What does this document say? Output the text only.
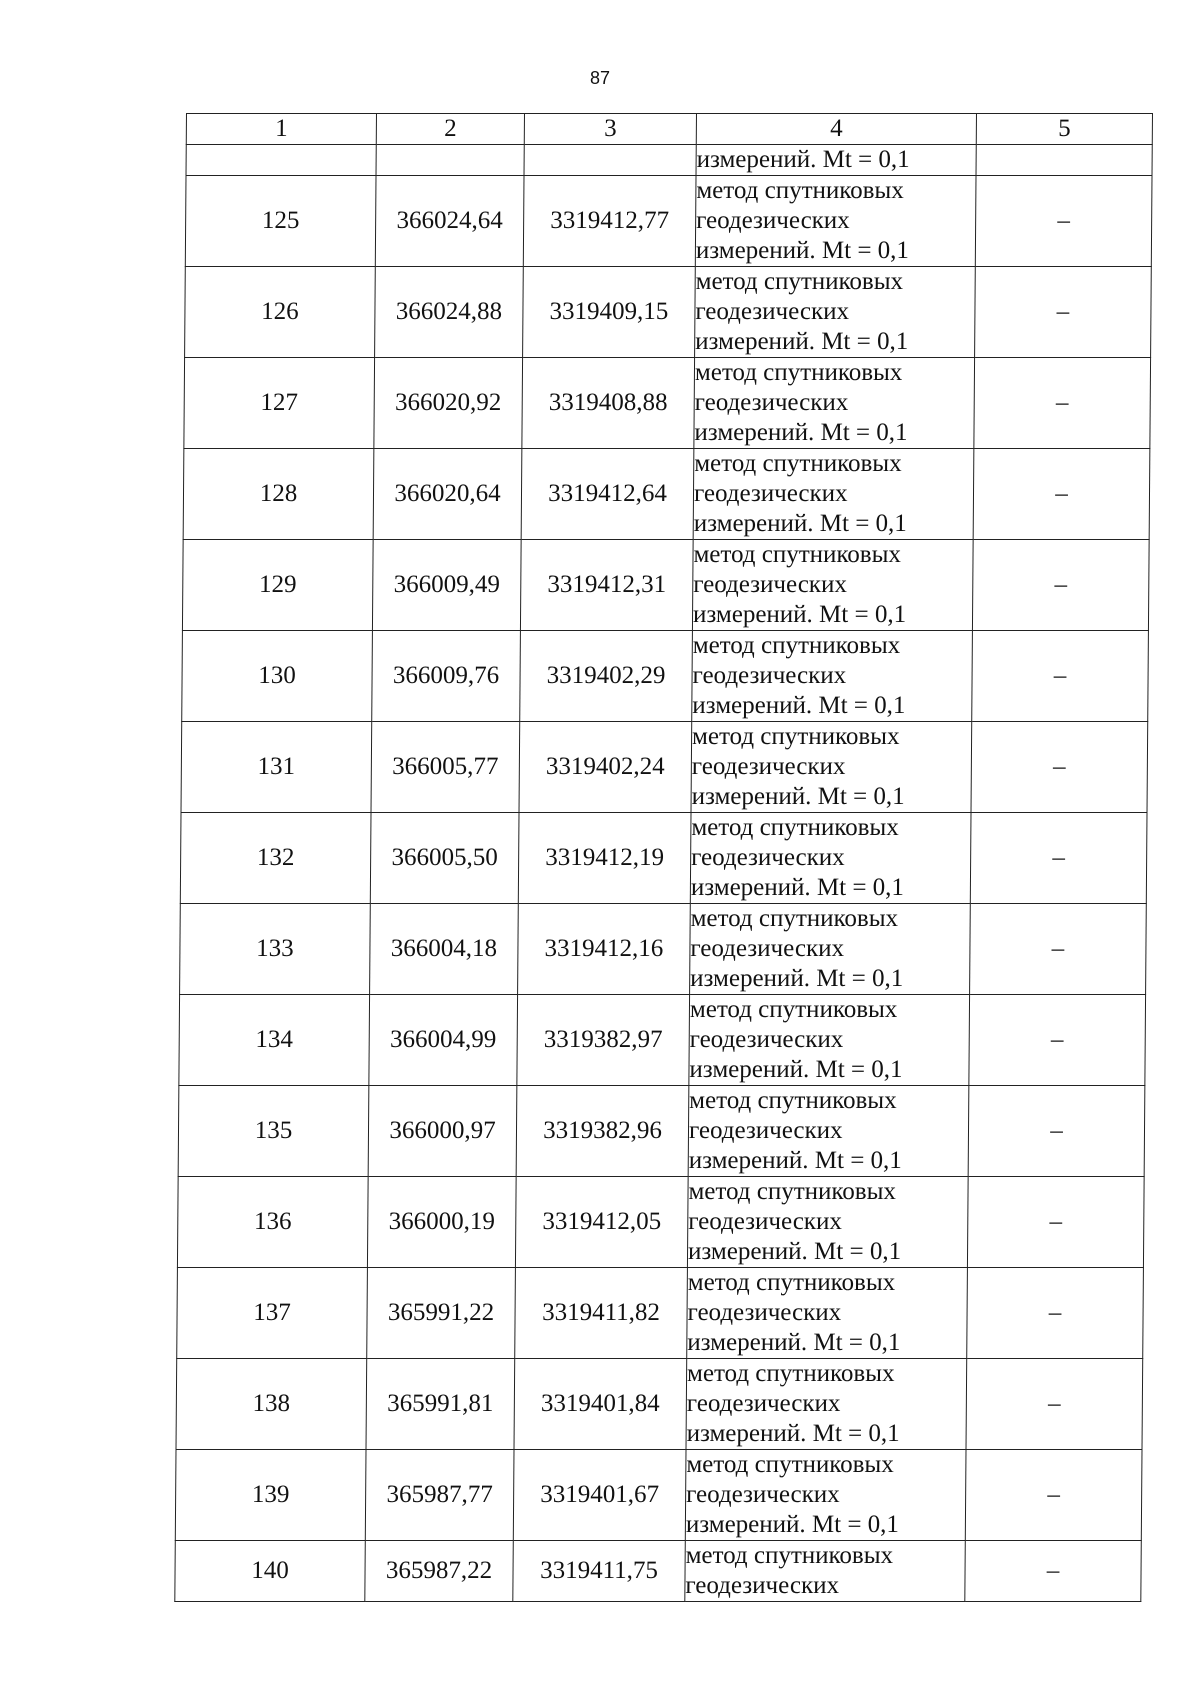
87
1	2	3	4	5
			измерений. Mt = 0,1	
125	366024,64	3319412,77	метод спутниковых
геодезических
измерений. Mt = 0,1	–
126	366024,88	3319409,15	метод спутниковых
геодезических
измерений. Mt = 0,1	–
127	366020,92	3319408,88	метод спутниковых
геодезических
измерений. Mt = 0,1	–
128	366020,64	3319412,64	метод спутниковых
геодезических
измерений. Mt = 0,1	–
129	366009,49	3319412,31	метод спутниковых
геодезических
измерений. Mt = 0,1	–
130	366009,76	3319402,29	метод спутниковых
геодезических
измерений. Mt = 0,1	–
131	366005,77	3319402,24	метод спутниковых
геодезических
измерений. Mt = 0,1	–
132	366005,50	3319412,19	метод спутниковых
геодезических
измерений. Mt = 0,1	–
133	366004,18	3319412,16	метод спутниковых
геодезических
измерений. Mt = 0,1	–
134	366004,99	3319382,97	метод спутниковых
геодезических
измерений. Mt = 0,1	–
135	366000,97	3319382,96	метод спутниковых
геодезических
измерений. Mt = 0,1	–
136	366000,19	3319412,05	метод спутниковых
геодезических
измерений. Mt = 0,1	–
137	365991,22	3319411,82	метод спутниковых
геодезических
измерений. Mt = 0,1	–
138	365991,81	3319401,84	метод спутниковых
геодезических
измерений. Mt = 0,1	–
139	365987,77	3319401,67	метод спутниковых
геодезических
измерений. Mt = 0,1	–
140	365987,22	3319411,75	метод спутниковых
геодезических	–
